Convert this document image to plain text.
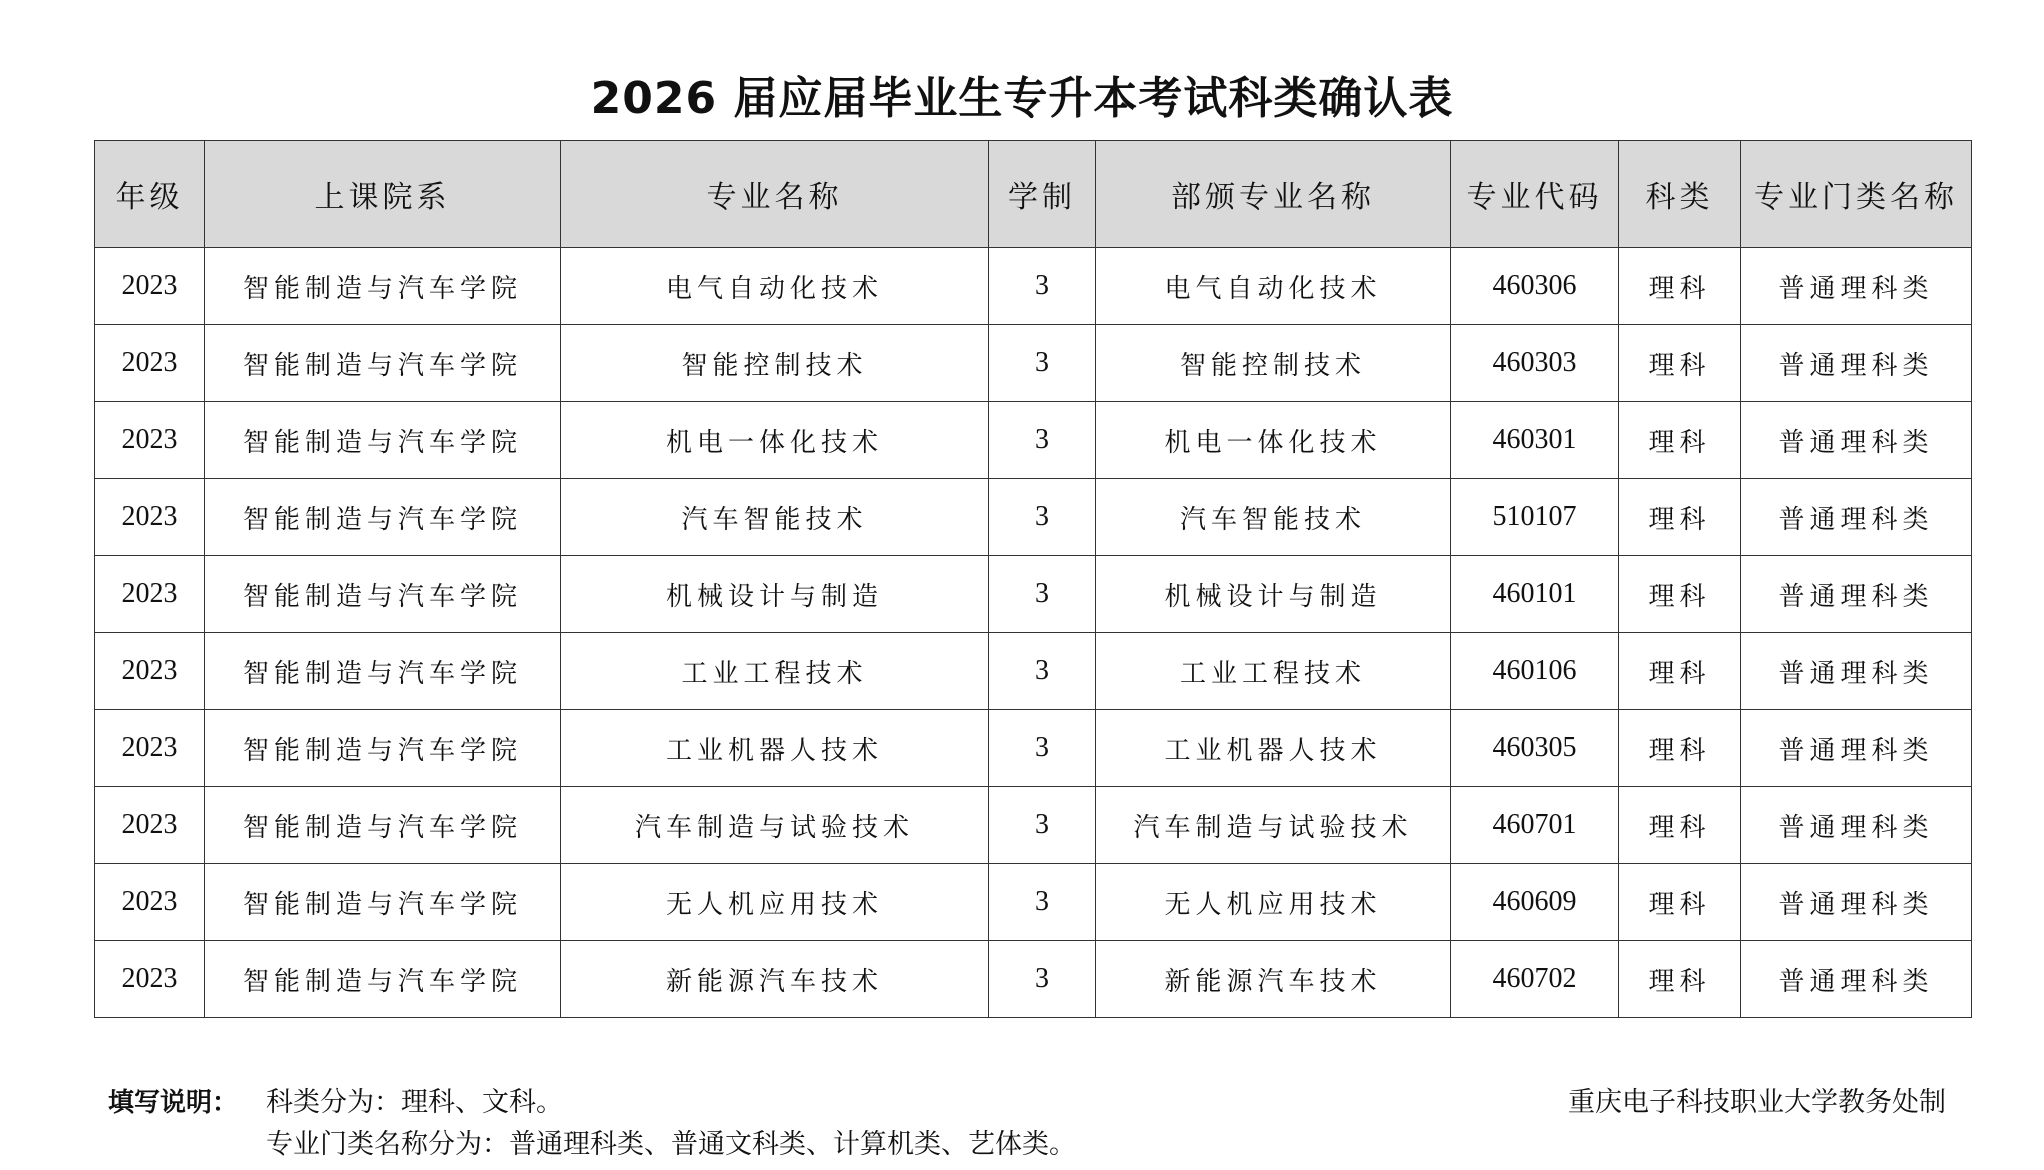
2026 届应届毕业生专升本考试科类确认表
年级	上课院系	专业名称	学制	部颁专业名称	专业代码	科类	专业门类名称
2023	智能制造与汽车学院	电气自动化技术	3	电气自动化技术	460306	理科	普通理科类
2023	智能制造与汽车学院	智能控制技术	3	智能控制技术	460303	理科	普通理科类
2023	智能制造与汽车学院	机电一体化技术	3	机电一体化技术	460301	理科	普通理科类
2023	智能制造与汽车学院	汽车智能技术	3	汽车智能技术	510107	理科	普通理科类
2023	智能制造与汽车学院	机械设计与制造	3	机械设计与制造	460101	理科	普通理科类
2023	智能制造与汽车学院	工业工程技术	3	工业工程技术	460106	理科	普通理科类
2023	智能制造与汽车学院	工业机器人技术	3	工业机器人技术	460305	理科	普通理科类
2023	智能制造与汽车学院	汽车制造与试验技术	3	汽车制造与试验技术	460701	理科	普通理科类
2023	智能制造与汽车学院	无人机应用技术	3	无人机应用技术	460609	理科	普通理科类
2023	智能制造与汽车学院	新能源汽车技术	3	新能源汽车技术	460702	理科	普通理科类
填写说明： 科类分为：理科、文科。
专业门类名称分为：普通理科类、普通文科类、计算机类、艺体类。
重庆电子科技职业大学教务处制
